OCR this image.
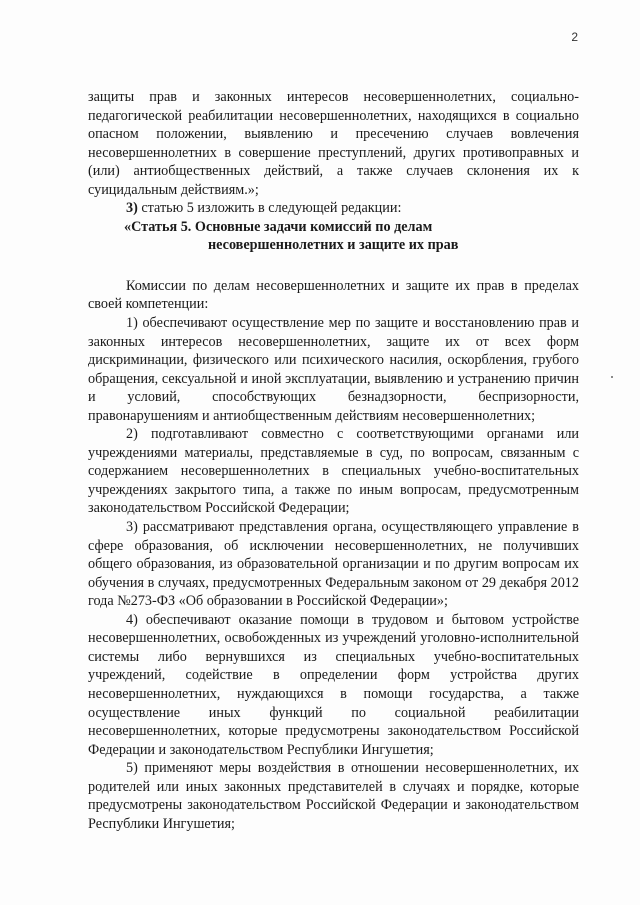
2

защиты прав и законных интересов несовершеннолетних, социально-педагогической реабилитации несовершеннолетних, находящихся в социально опасном положении, выявлению и пресечению случаев вовлечения несовершеннолетних в совершение преступлений, других противоправных и (или) антиобщественных действий, а также случаев склонения их к суицидальным действиям.»;

3) статью 5 изложить в следующей редакции:

«Статья 5. Основные задачи комиссий по делам
несовершеннолетних и защите их прав

Комиссии по делам несовершеннолетних и защите их прав в пределах своей компетенции:

1) обеспечивают осуществление мер по защите и восстановлению прав и законных интересов несовершеннолетних, защите их от всех форм дискриминации, физического или психического насилия, оскорбления, грубого обращения, сексуальной и иной эксплуатации, выявлению и устранению причин и условий, способствующих безнадзорности, беспризорности, правонарушениям и антиобщественным действиям несовершеннолетних;

2) подготавливают совместно с соответствующими органами или учреждениями материалы, представляемые в суд, по вопросам, связанным с содержанием несовершеннолетних в специальных учебно-воспитательных учреждениях закрытого типа, а также по иным вопросам, предусмотренным законодательством Российской Федерации;

3) рассматривают представления органа, осуществляющего управление в сфере образования, об исключении несовершеннолетних, не получивших общего образования, из образовательной организации и по другим вопросам их обучения в случаях, предусмотренных Федеральным законом от 29 декабря 2012 года №273-ФЗ «Об образовании в Российской Федерации»;

4) обеспечивают оказание помощи в трудовом и бытовом устройстве несовершеннолетних, освобожденных из учреждений уголовно-исполнительной системы либо вернувшихся из специальных учебно-воспитательных учреждений, содействие в определении форм устройства других несовершеннолетних, нуждающихся в помощи государства, а также осуществление иных функций по социальной реабилитации несовершеннолетних, которые предусмотрены законодательством Российской Федерации и законодательством Республики Ингушетия;

5) применяют меры воздействия в отношении несовершеннолетних, их родителей или иных законных представителей в случаях и порядке, которые предусмотрены законодательством Российской Федерации и законодательством Республики Ингушетия;
